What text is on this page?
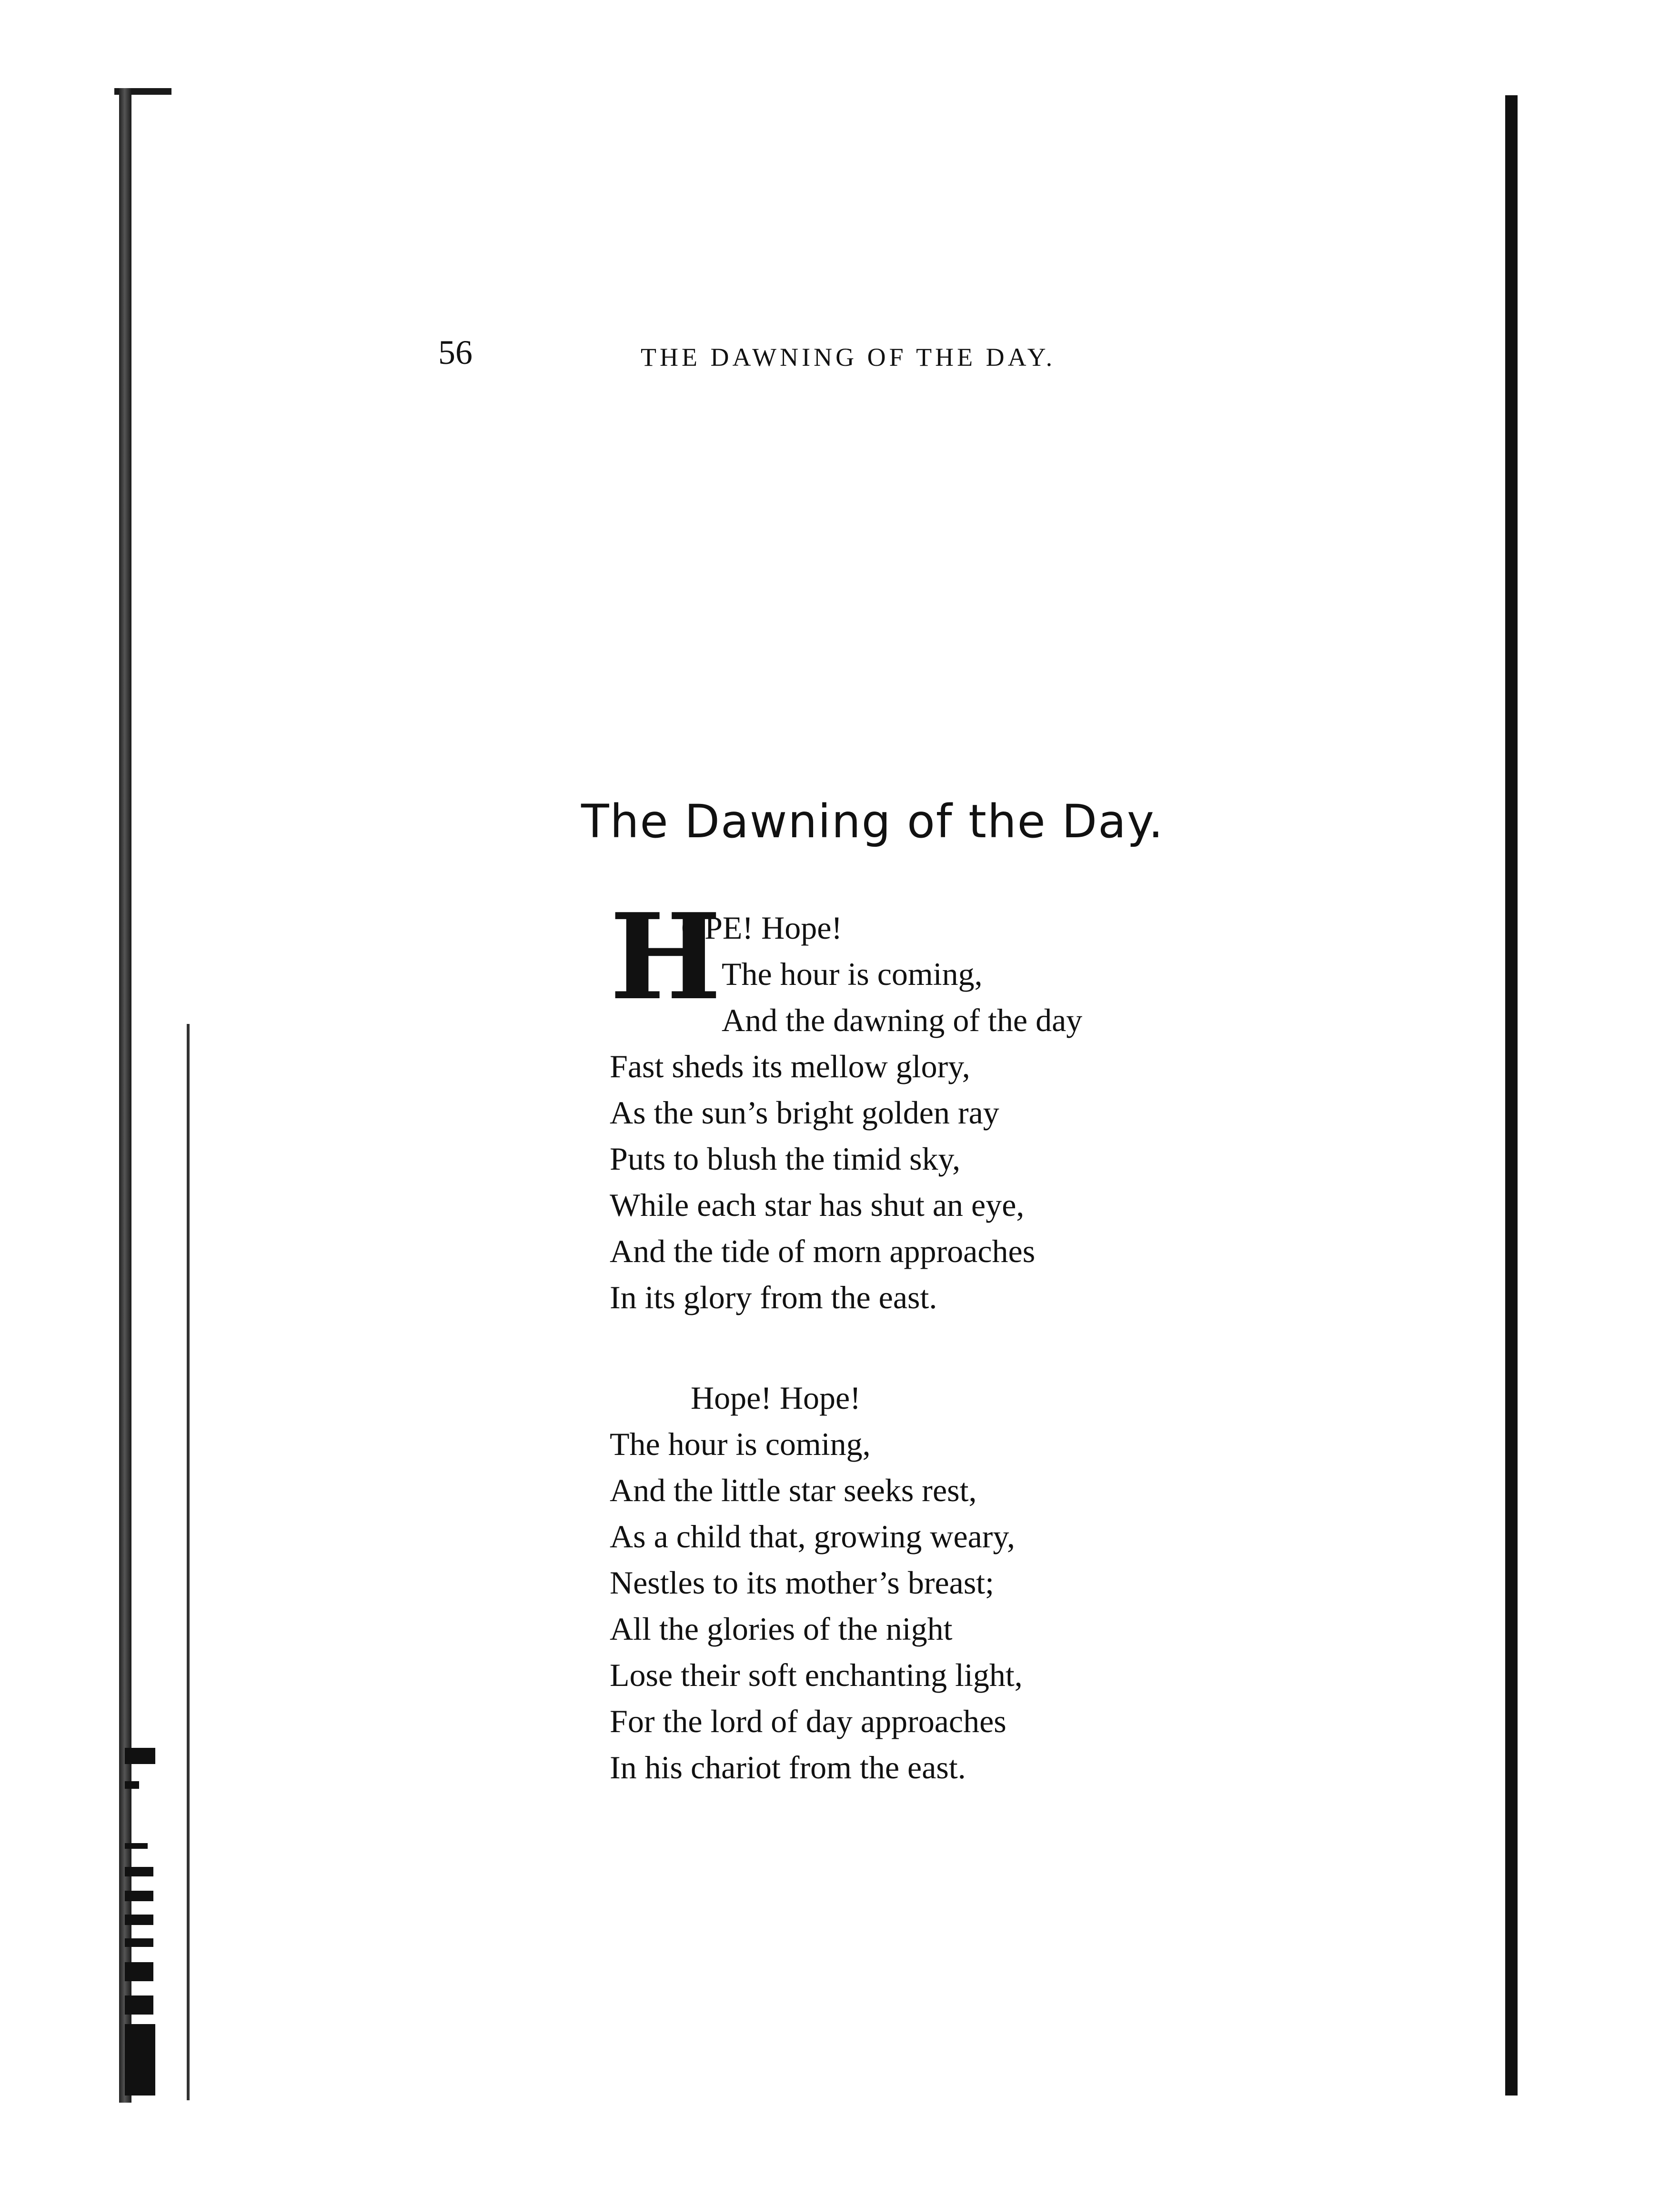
56	THE DAWNING OF THE DAY.
The Dawning of the Day.
H
OPE! Hope!
The hour is coming,
And the dawning of the day
Fast sheds its mellow glory,
As the sun’s bright golden ray
Puts to blush the timid sky,
While each star has shut an eye,
And the tide of morn approaches
In its glory from the east.
Hope! Hope!
The hour is coming,
And the little star seeks rest,
As a child that, growing weary,
Nestles to its mother’s breast;
All the glories of the night
Lose their soft enchanting light,
For the lord of day approaches
In his chariot from the east.
